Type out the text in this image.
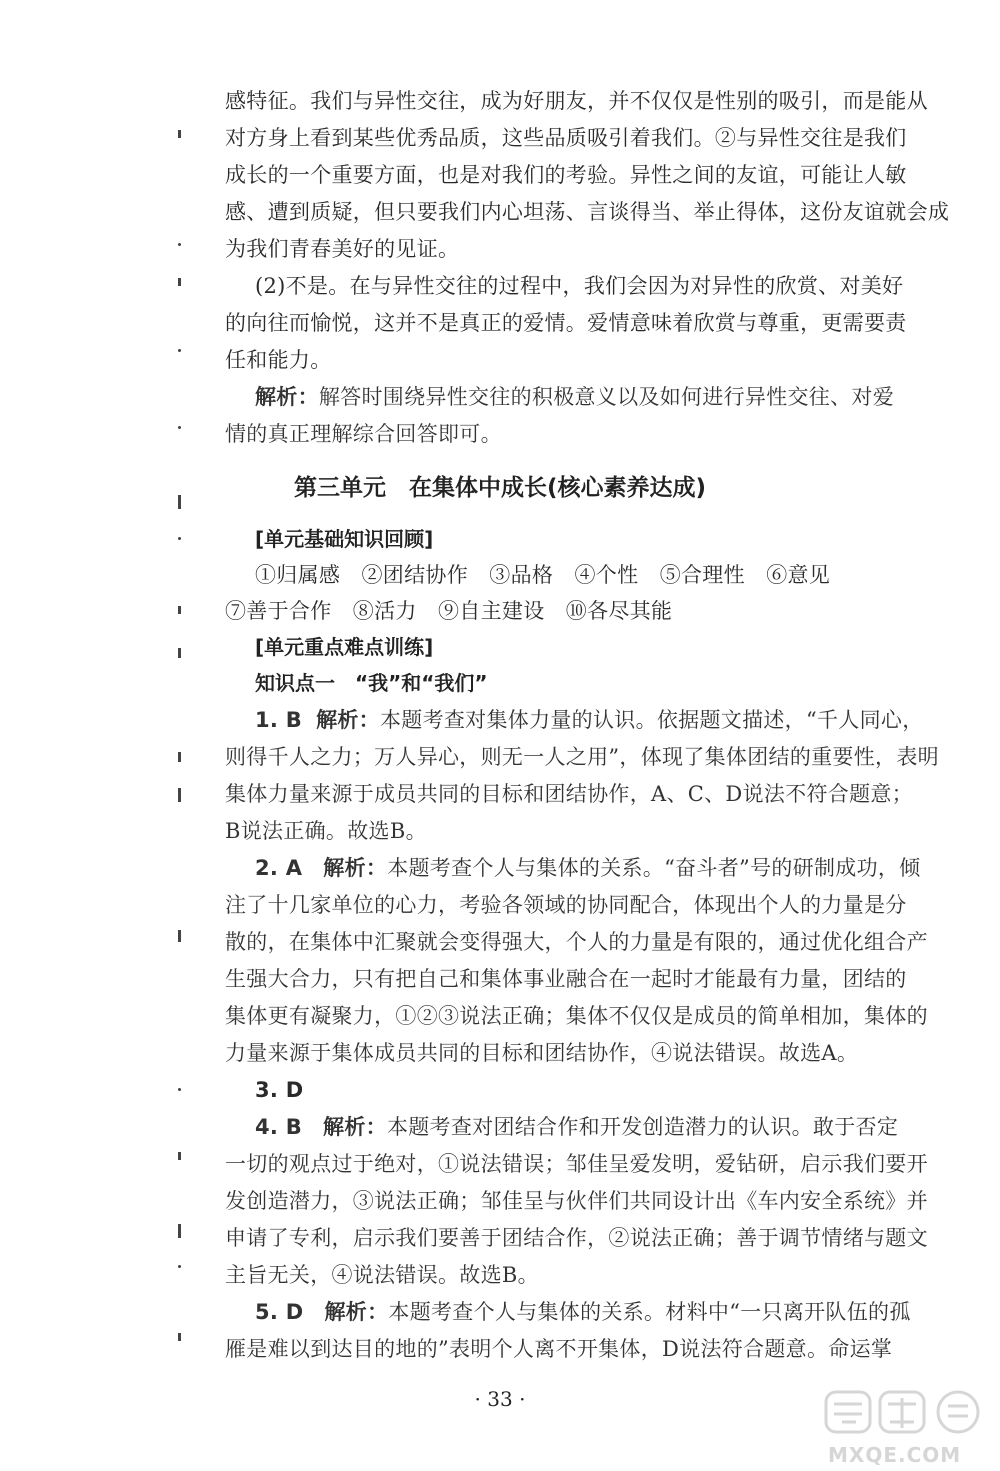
感特征。我们与异性交往，成为好朋友，并不仅仅是性别的吸引，而是能从
对方身上看到某些优秀品质，这些品质吸引着我们。②与异性交往是我们
成长的一个重要方面，也是对我们的考验。异性之间的友谊，可能让人敏
感、遭到质疑，但只要我们内心坦荡、言谈得当、举止得体，这份友谊就会成
为我们青春美好的见证。
(2)不是。在与异性交往的过程中，我们会因为对异性的欣赏、对美好
的向往而愉悦，这并不是真正的爱情。爱情意味着欣赏与尊重，更需要责
任和能力。
解析：解答时围绕异性交往的积极意义以及如何进行异性交往、对爱
情的真正理解综合回答即可。
第三单元　在集体中成长(核心素养达成)
[单元基础知识回顾]
①归属感　②团结协作　③品格　④个性　⑤合理性　⑥意见
⑦善于合作　⑧活力　⑨自主建设　⑩各尽其能
[单元重点难点训练]
知识点一　“我”和“我们”
1. B 解析：本题考查对集体力量的认识。依据题文描述，“千人同心，
则得千人之力；万人异心，则无一人之用”，体现了集体团结的重要性，表明
集体力量来源于成员共同的目标和团结协作，A、C、D说法不符合题意；
B说法正确。故选B。
2. A 解析：本题考查个人与集体的关系。“奋斗者”号的研制成功，倾
注了十几家单位的心力，考验各领域的协同配合，体现出个人的力量是分
散的，在集体中汇聚就会变得强大，个人的力量是有限的，通过优化组合产
生强大合力，只有把自己和集体事业融合在一起时才能最有力量，团结的
集体更有凝聚力，①②③说法正确；集体不仅仅是成员的简单相加，集体的
力量来源于集体成员共同的目标和团结协作，④说法错误。故选A。
3. D
4. B 解析：本题考查对团结合作和开发创造潜力的认识。敢于否定
一切的观点过于绝对，①说法错误；邹佳呈爱发明，爱钻研，启示我们要开
发创造潜力，③说法正确；邹佳呈与伙伴们共同设计出《车内安全系统》并
申请了专利，启示我们要善于团结合作，②说法正确；善于调节情绪与题文
主旨无关，④说法错误。故选B。
5. D 解析：本题考查个人与集体的关系。材料中“一只离开队伍的孤
雁是难以到达目的地的”表明个人离不开集体，D说法符合题意。命运掌
· 33 ·
MXQE.COM
